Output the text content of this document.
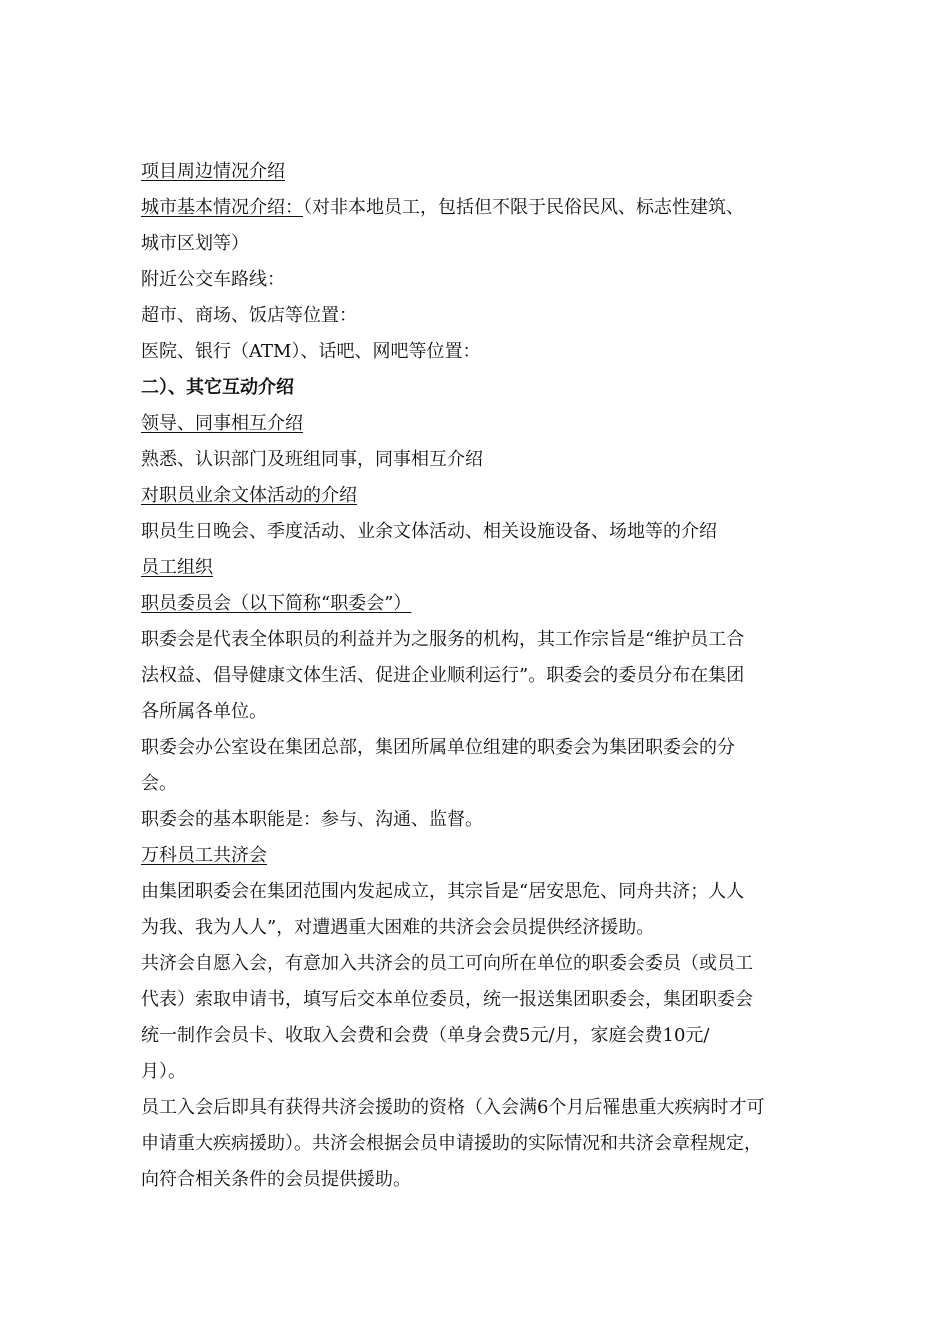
项目周边情况介绍
城市基本情况介绍：（对非本地员工，包括但不限于民俗民风、标志性建筑、
城市区划等）
附近公交车路线：
超市、商场、饭店等位置：
医院、银行（ATM）、话吧、网吧等位置：
二）、其它互动介绍
领导、同事相互介绍
熟悉、认识部门及班组同事，同事相互介绍
对职员业余文体活动的介绍
职员生日晚会、季度活动、业余文体活动、相关设施设备、场地等的介绍
员工组织
职员委员会（以下简称“职委会”）
职委会是代表全体职员的利益并为之服务的机构，其工作宗旨是“维护员工合
法权益、倡导健康文体生活、促进企业顺利运行”。职委会的委员分布在集团
各所属各单位。
职委会办公室设在集团总部，集团所属单位组建的职委会为集团职委会的分
会。
职委会的基本职能是：参与、沟通、监督。
万科员工共济会
由集团职委会在集团范围内发起成立，其宗旨是“居安思危、同舟共济；人人
为我、我为人人”，对遭遇重大困难的共济会会员提供经济援助。
共济会自愿入会，有意加入共济会的员工可向所在单位的职委会委员（或员工
代表）索取申请书，填写后交本单位委员，统一报送集团职委会，集团职委会
统一制作会员卡、收取入会费和会费（单身会费5元/月，家庭会费10元/
月）。
员工入会后即具有获得共济会援助的资格（入会满6个月后罹患重大疾病时才可
申请重大疾病援助）。共济会根据会员申请援助的实际情况和共济会章程规定，
向符合相关条件的会员提供援助。
